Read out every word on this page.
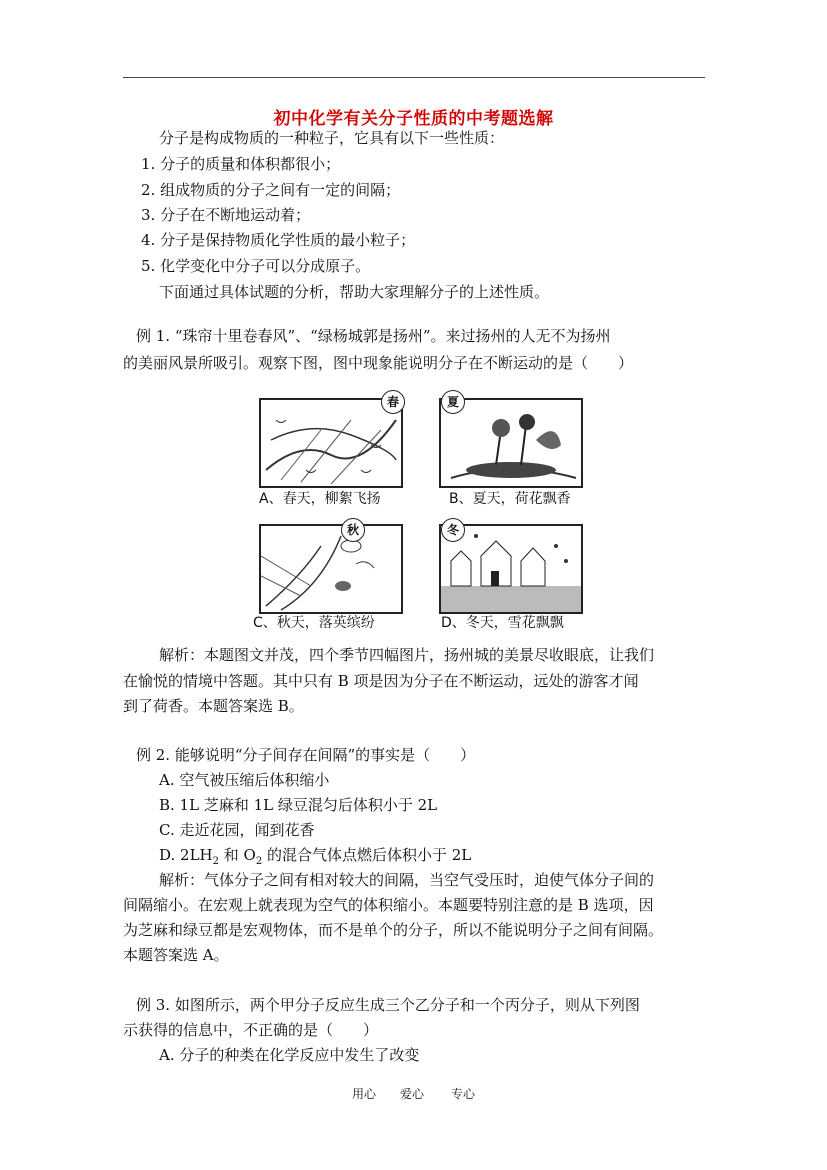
初中化学有关分子性质的中考题选解
分子是构成物质的一种粒子，它具有以下一些性质：
1. 分子的质量和体积都很小；
2. 组成物质的分子之间有一定的间隔；
3. 分子在不断地运动着；
4. 分子是保持物质化学性质的最小粒子；
5. 化学变化中分子可以分成原子。
下面通过具体试题的分析，帮助大家理解分子的上述性质。
例 1. “珠帘十里卷春风”、“绿杨城郭是扬州”。来过扬州的人无不为扬州
的美丽风景所吸引。观察下图，图中现象能说明分子在不断运动的是（　　）
春
A、春天，柳絮飞扬
夏
B、夏天，荷花飘香
秋
C、秋天，落英缤纷
冬
D、冬天，雪花飘飘
解析：本题图文并茂，四个季节四幅图片，扬州城的美景尽收眼底，让我们
在愉悦的情境中答题。其中只有 B 项是因为分子在不断运动，远处的游客才闻
到了荷香。本题答案选 B。
例 2. 能够说明“分子间存在间隔”的事实是（　　）
A. 空气被压缩后体积缩小
B. 1L 芝麻和 1L 绿豆混匀后体积小于 2L
C. 走近花园，闻到花香
D. $2LH_2$ 和 $O_2$ 的混合气体点燃后体积小于 2L
解析：气体分子之间有相对较大的间隔，当空气受压时，迫使气体分子间的
间隔缩小。在宏观上就表现为空气的体积缩小。本题要特别注意的是 B 选项，因
为芝麻和绿豆都是宏观物体，而不是单个的分子，所以不能说明分子之间有间隔。
本题答案选 A。
例 3. 如图所示，两个甲分子反应生成三个乙分子和一个丙分子，则从下列图
示获得的信息中，不正确的是（　　）
A. 分子的种类在化学反应中发生了改变
用心 爱心 专心
